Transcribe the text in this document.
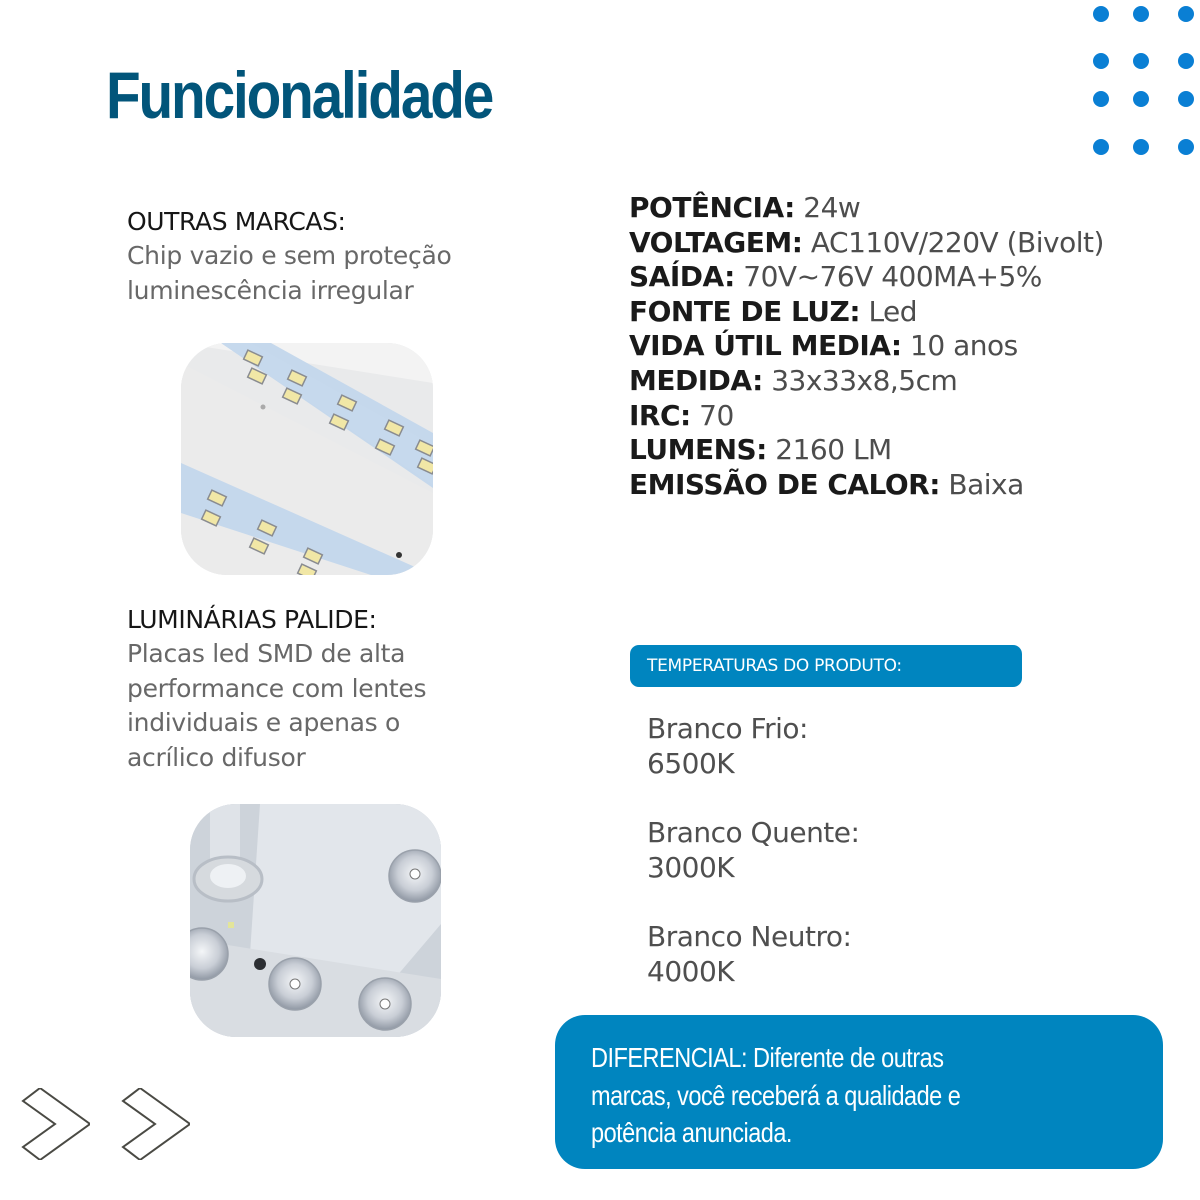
Funcionalidade
OUTRAS MARCAS:
Chip vazio e sem proteção
luminescência irregular
LUMINÁRIAS PALIDE:
Placas led SMD de alta
performance com lentes
individuais e apenas o
acrílico difusor
POTÊNCIA: 24w
VOLTAGEM: AC110V/220V (Bivolt)
SAÍDA: 70V~76V 400MA+5%
FONTE DE LUZ: Led
VIDA ÚTIL MEDIA: 10 anos
MEDIDA: 33x33x8,5cm
IRC: 70
LUMENS: 2160 LM
EMISSÃO DE CALOR: Baixa
TEMPERATURAS DO PRODUTO:
Branco Frio:
6500K
Branco Quente:
3000K
Branco Neutro:
4000K
DIFERENCIAL: Diferente de outras marcas, você receberá a qualidade e potência anunciada.
